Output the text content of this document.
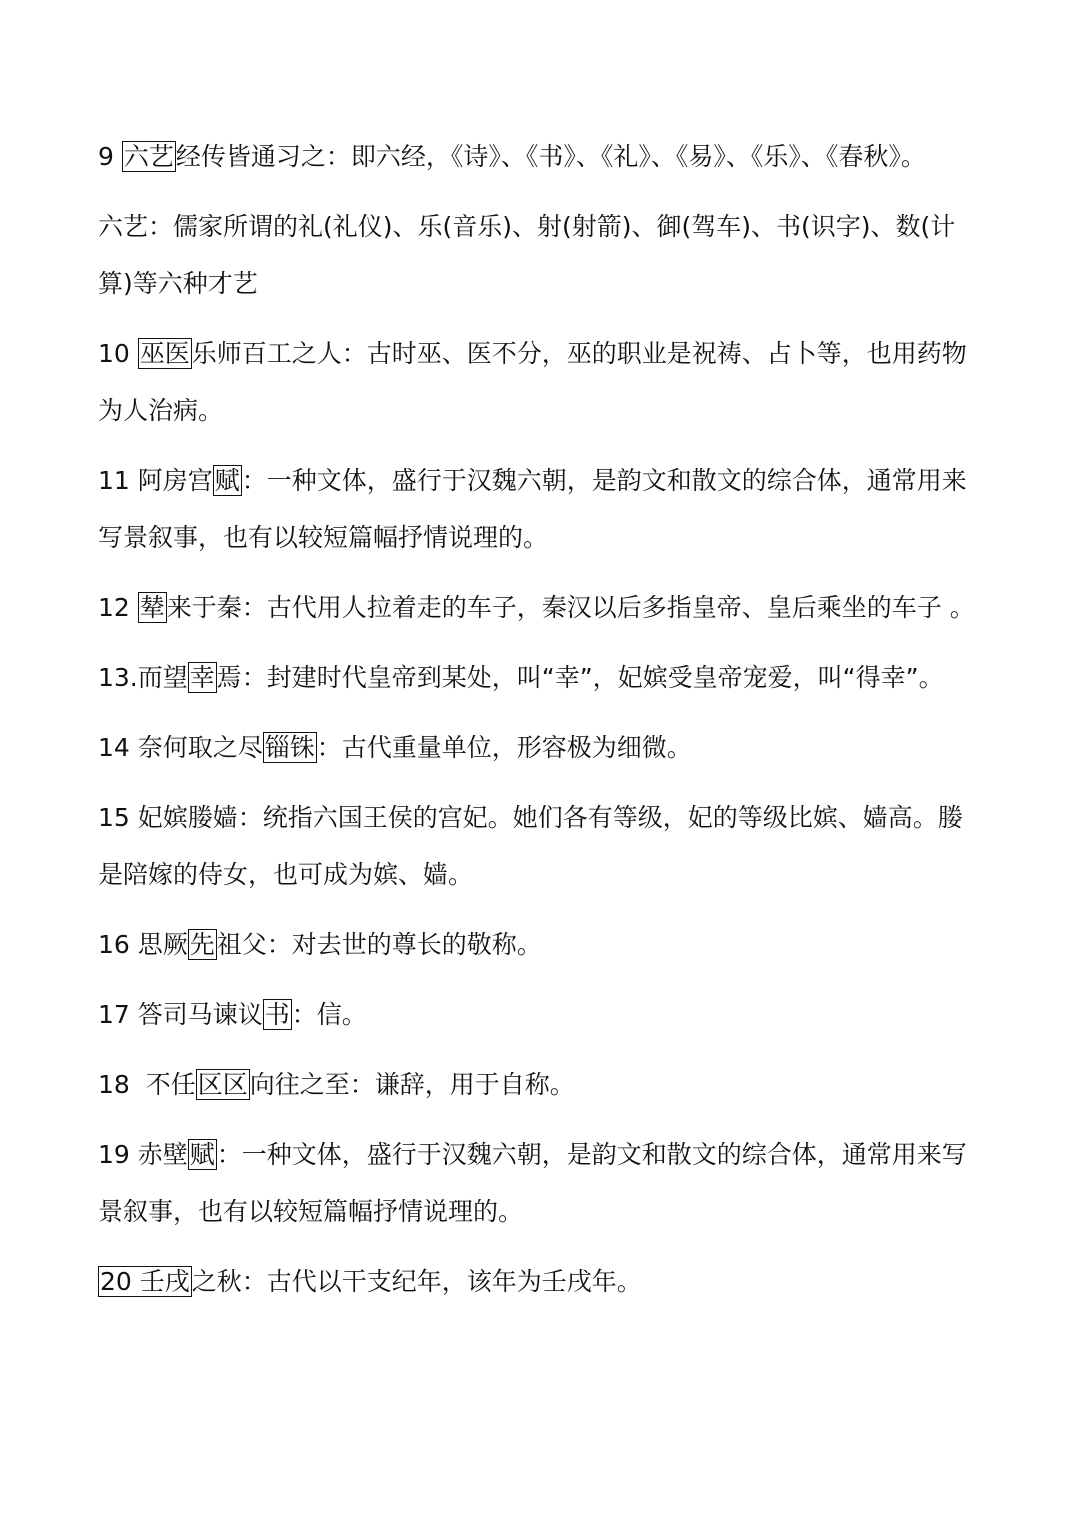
9 六艺经传皆通习之：即六经，《诗》、《书》、《礼》、《易》、《乐》、《春秋》。

六艺：儒家所谓的礼(礼仪)、乐(音乐)、射(射箭)、御(驾车)、书(识字)、数(计算)等六种才艺

10 巫医乐师百工之人：古时巫、医不分，巫的职业是祝祷、占卜等，也用药物为人治病。

11 阿房宫赋：一种文体，盛行于汉魏六朝，是韵文和散文的综合体，通常用来写景叙事，也有以较短篇幅抒情说理的。

12 辇来于秦：古代用人拉着走的车子，秦汉以后多指皇帝、皇后乘坐的车子 。

13.而望幸焉：封建时代皇帝到某处，叫“幸”，妃嫔受皇帝宠爱，叫“得幸”。

14 奈何取之尽锱铢：古代重量单位，形容极为细微。

15 妃嫔媵嫱：统指六国王侯的宫妃。她们各有等级，妃的等级比嫔、嫱高。媵是陪嫁的侍女，也可成为嫔、嫱。

16 思厥先祖父：对去世的尊长的敬称。

17 答司马谏议书：信。

18  不任区区向往之至：谦辞，用于自称。

19 赤壁赋：一种文体，盛行于汉魏六朝，是韵文和散文的综合体，通常用来写景叙事，也有以较短篇幅抒情说理的。

20 壬戌之秋：古代以干支纪年，该年为壬戌年。
